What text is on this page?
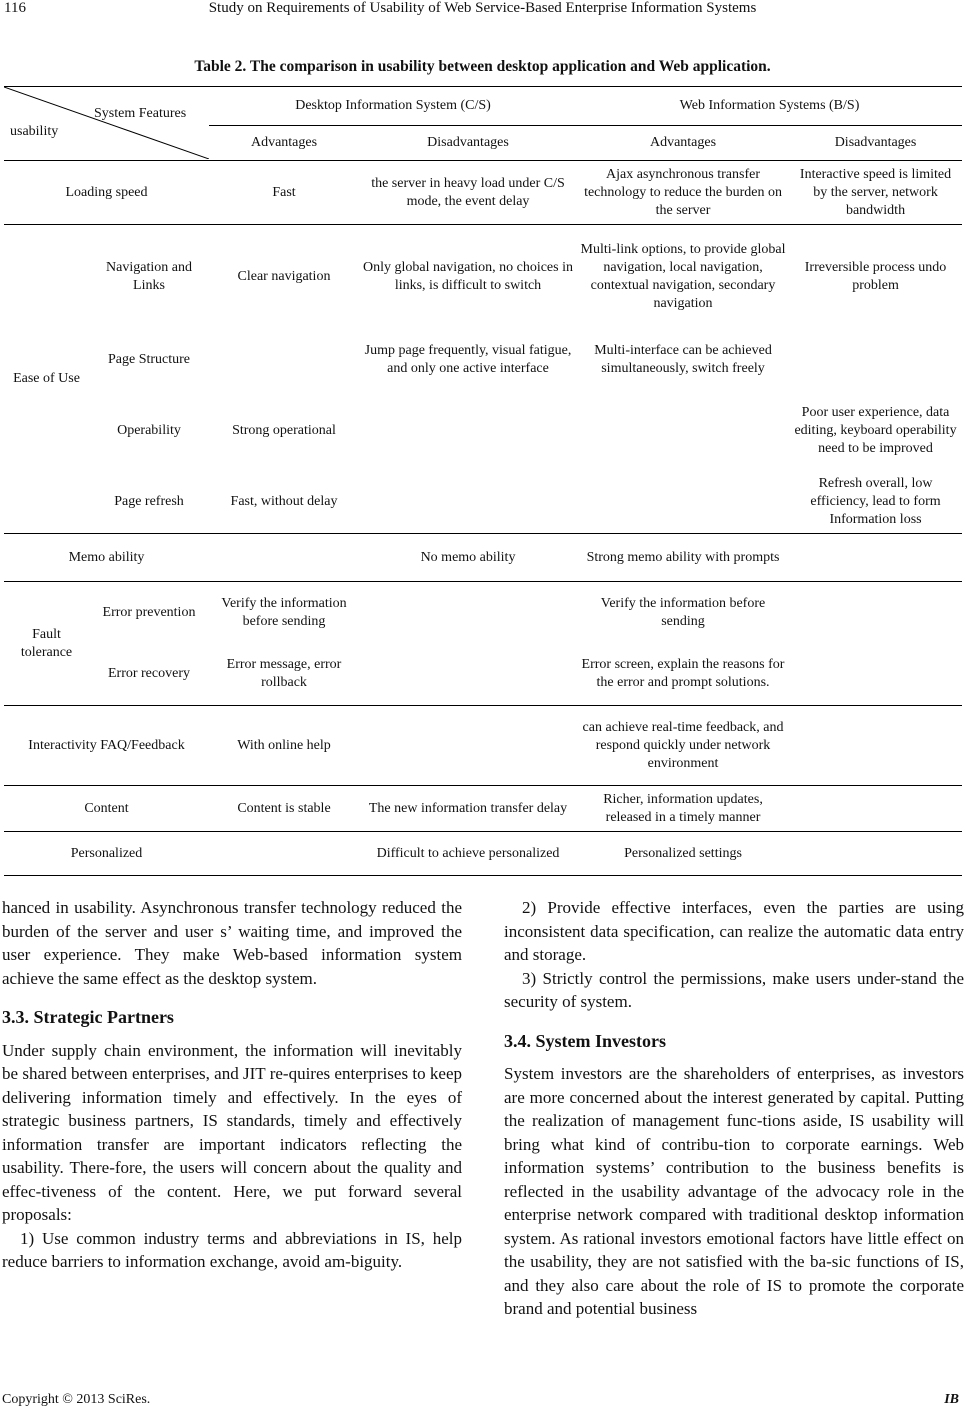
116	Study on Requirements of Usability of Web Service-Based Enterprise Information Systems
Table 2. The comparison in usability between desktop application and Web application.
System Features
usability		Desktop Information System (C/S)		Web Information Systems (B/S)	
		Advantages	Disadvantages	Advantages	Disadvantages
Loading speed		Fast	the server in heavy load under C/S mode, the event delay	Ajax asynchronous transfer technology to reduce the burden on the server	Interactive speed is limited by the server, network bandwidth
Ease of Use	Navigation and Links	Clear navigation	Only global navigation, no choices in links, is difficult to switch	Multi-link options, to provide global navigation, local navigation, contextual navigation, secondary navigation	Irreversible process undo problem
	Page Structure		Jump page frequently, visual fatigue, and only one active interface	Multi-interface can be achieved simultaneously, switch freely	
	Operability	Strong operational			Poor user experience, data editing, keyboard operability need to be improved
	Page refresh	Fast, without delay			Refresh overall, low efficiency, lead to form Information loss
Memo ability			No memo ability	Strong memo ability with prompts	
Fault tolerance	Error prevention	Verify the information before sending		Verify the information before sending	
	Error recovery	Error message, error rollback		Error screen, explain the reasons for the error and prompt solutions.	
Interactivity FAQ/Feedback		With online help		can achieve real-time feedback, and respond quickly under network environment	
Content		Content is stable	The new information transfer delay	Richer, information updates, released in a timely manner	
Personalized			Difficult to achieve personalized	Personalized settings	

hanced in usability. Asynchronous transfer technology reduced the burden of the server and user s’ waiting time, and improved the user experience. They make Web-based information system achieve the same effect as the desktop system.

3.3. Strategic Partners

Under supply chain environment, the information will inevitably be shared between enterprises, and JIT re-quires enterprises to keep delivering information timely and effectively. In the eyes of strategic business partners, IS standards, timely and effectively information transfer are important indicators reflecting the usability. There-fore, the users will concern about the quality and effec-tiveness of the content. Here, we put forward several proposals:

1) Use common industry terms and abbreviations in IS, help reduce barriers to information exchange, avoid am-biguity.

2) Provide effective interfaces, even the parties are using inconsistent data specification, can realize the automatic data entry and storage.

3) Strictly control the permissions, make users under-stand the security of system.

3.4. System Investors

System investors are the shareholders of enterprises, as investors are more concerned about the interest generated by capital. Putting the realization of management func-tions aside, IS usability will bring what kind of contribu-tion to corporate earnings. Web information systems’ contribution to the business benefits is reflected in the usability advantage of the advocacy role in the enterprise network compared with traditional desktop information system. As rational investors emotional factors have little effect on the usability, they are not satisfied with the ba-sic functions of IS, and they also care about the role of IS to promote the corporate brand and potential business

Copyright © 2013 SciRes.	IB
